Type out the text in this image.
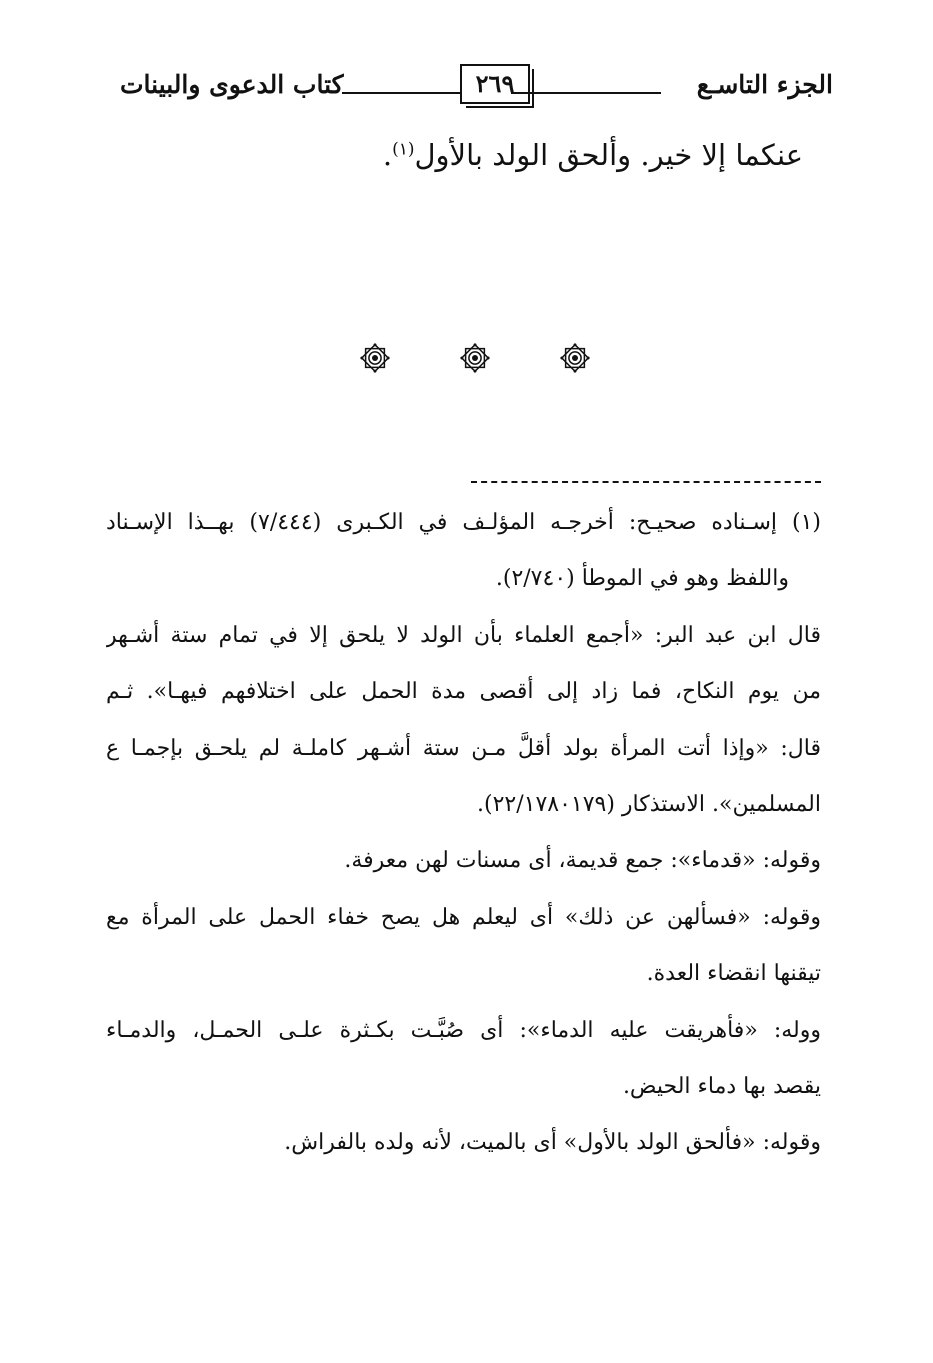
الجزء التاسـع
٢٦٩
كتاب الدعوى والبينات
عنكما إلا خير. وألحق الولد بالأول$^{(١)}$.
(١) إسـناده صحيـح: أخرجـه المؤلـف في الكـبرى (٧/٤٤٤) بهــذا الإسـناد
واللفظ وهو في الموطأ (٢/٧٤٠).
قال ابن عبد البر: «أجمع العلماء بأن الولد لا يلحق إلا في تمام ستة أشـهر
من يوم النكاح، فما زاد إلى أقصى مدة الحمل على اختلافهم فيهـا». ثـم
قال: «وإذا أتت المرأة بولد أقلَّ مـن ستة أشـهر كاملـة لم يلحـق بإجمـا ع
المسلمين». الاستذكار (٢٢/١٧٨٠١٧٩).
وقوله: «قدماء»: جمع قديمة، أى مسنات لهن معرفة.
وقوله: «فسألهن عن ذلك» أى ليعلم هل يصح خفاء الحمل على المرأة مع
تيقنها انقضاء العدة.
ووله: «فأهريقت عليه الدماء»: أى صُبَّـت بكـثرة علـى الحمـل، والدمـاء
يقصد بها دماء الحيض.
وقوله: «فألحق الولد بالأول» أى بالميت، لأنه ولده بالفراش.
